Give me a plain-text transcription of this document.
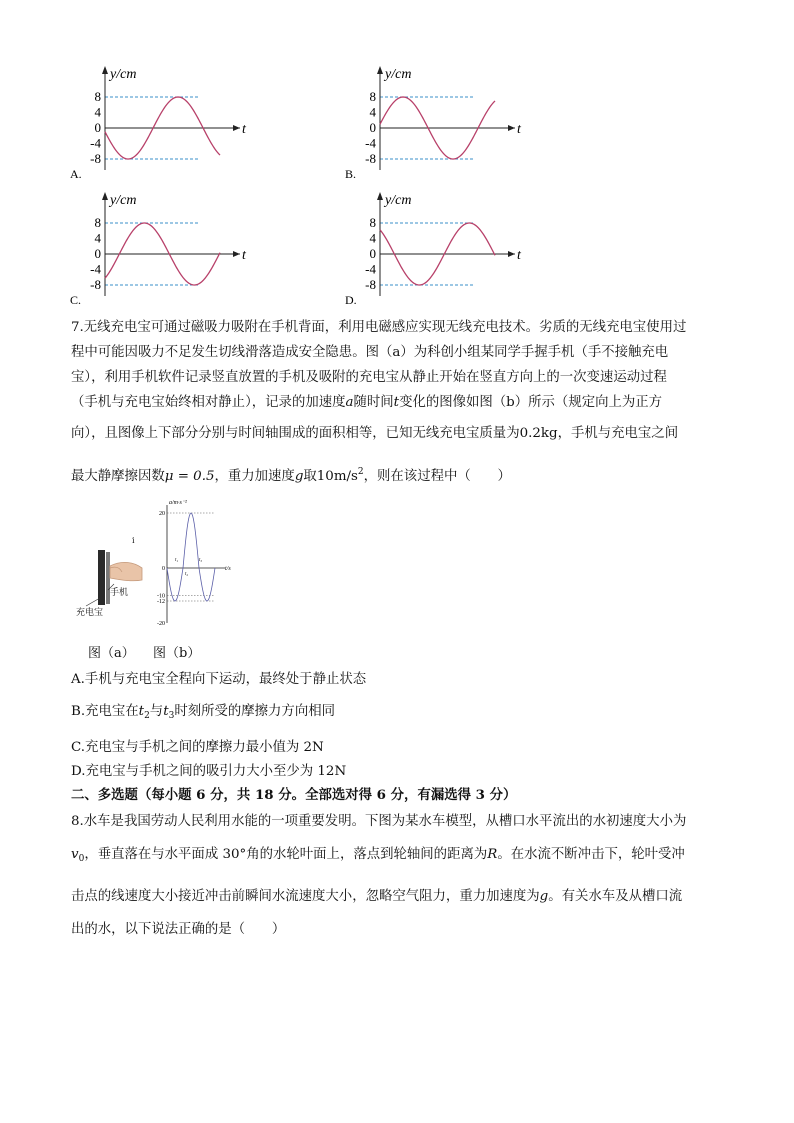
8
4
0
-4
-8
y/cm
t
A.
8
4
0
-4
-8
y/cm
t
B.
8
4
0
-4
-8
y/cm
t
C.
8
4
0
-4
-8
y/cm
t
D.
7.无线充电宝可通过磁吸力吸附在手机背面，利用电磁感应实现无线充电技术。劣质的无线充电宝使用过
程中可能因吸力不足发生切线滑落造成安全隐患。图（a）为科创小组某同学手握手机（手不接触充电
宝），利用手机软件记录竖直放置的手机及吸附的充电宝从静止开始在竖直方向上的一次变速运动过程
（手机与充电宝始终相对静止），记录的加速度a随时间t变化的图像如图（b）所示（规定向上为正方
向），且图像上下部分分别与时间轴围成的面积相等，已知无线充电宝质量为0.2kg，手机与充电宝之间
最大静摩擦因数μ = 0.5，重力加速度g取$10m/s^2$，则在该过程中（　　）
充电宝
手机
ⅰ
a/m·s⁻²
t/s
20
0
-10
-12
-20
t₁
t₂
t₃
图（a） 图（b）
A.手机与充电宝全程向下运动，最终处于静止状态
B.充电宝在$t_2$与$t_3$时刻所受的摩擦力方向相同
C.充电宝与手机之间的摩擦力最小值为 2N
D.充电宝与手机之间的吸引力大小至少为 12N
二、多选题（每小题 6 分，共 18 分。全部选对得 6 分，有漏选得 3 分）
8.水车是我国劳动人民利用水能的一项重要发明。下图为某水车模型，从槽口水平流出的水初速度大小为
$v_0$，垂直落在与水平面成 30°角的水轮叶面上，落点到轮轴间的距离为R。在水流不断冲击下，轮叶受冲
击点的线速度大小接近冲击前瞬间水流速度大小，忽略空气阻力，重力加速度为g。有关水车及从槽口流
出的水，以下说法正确的是（　　）
